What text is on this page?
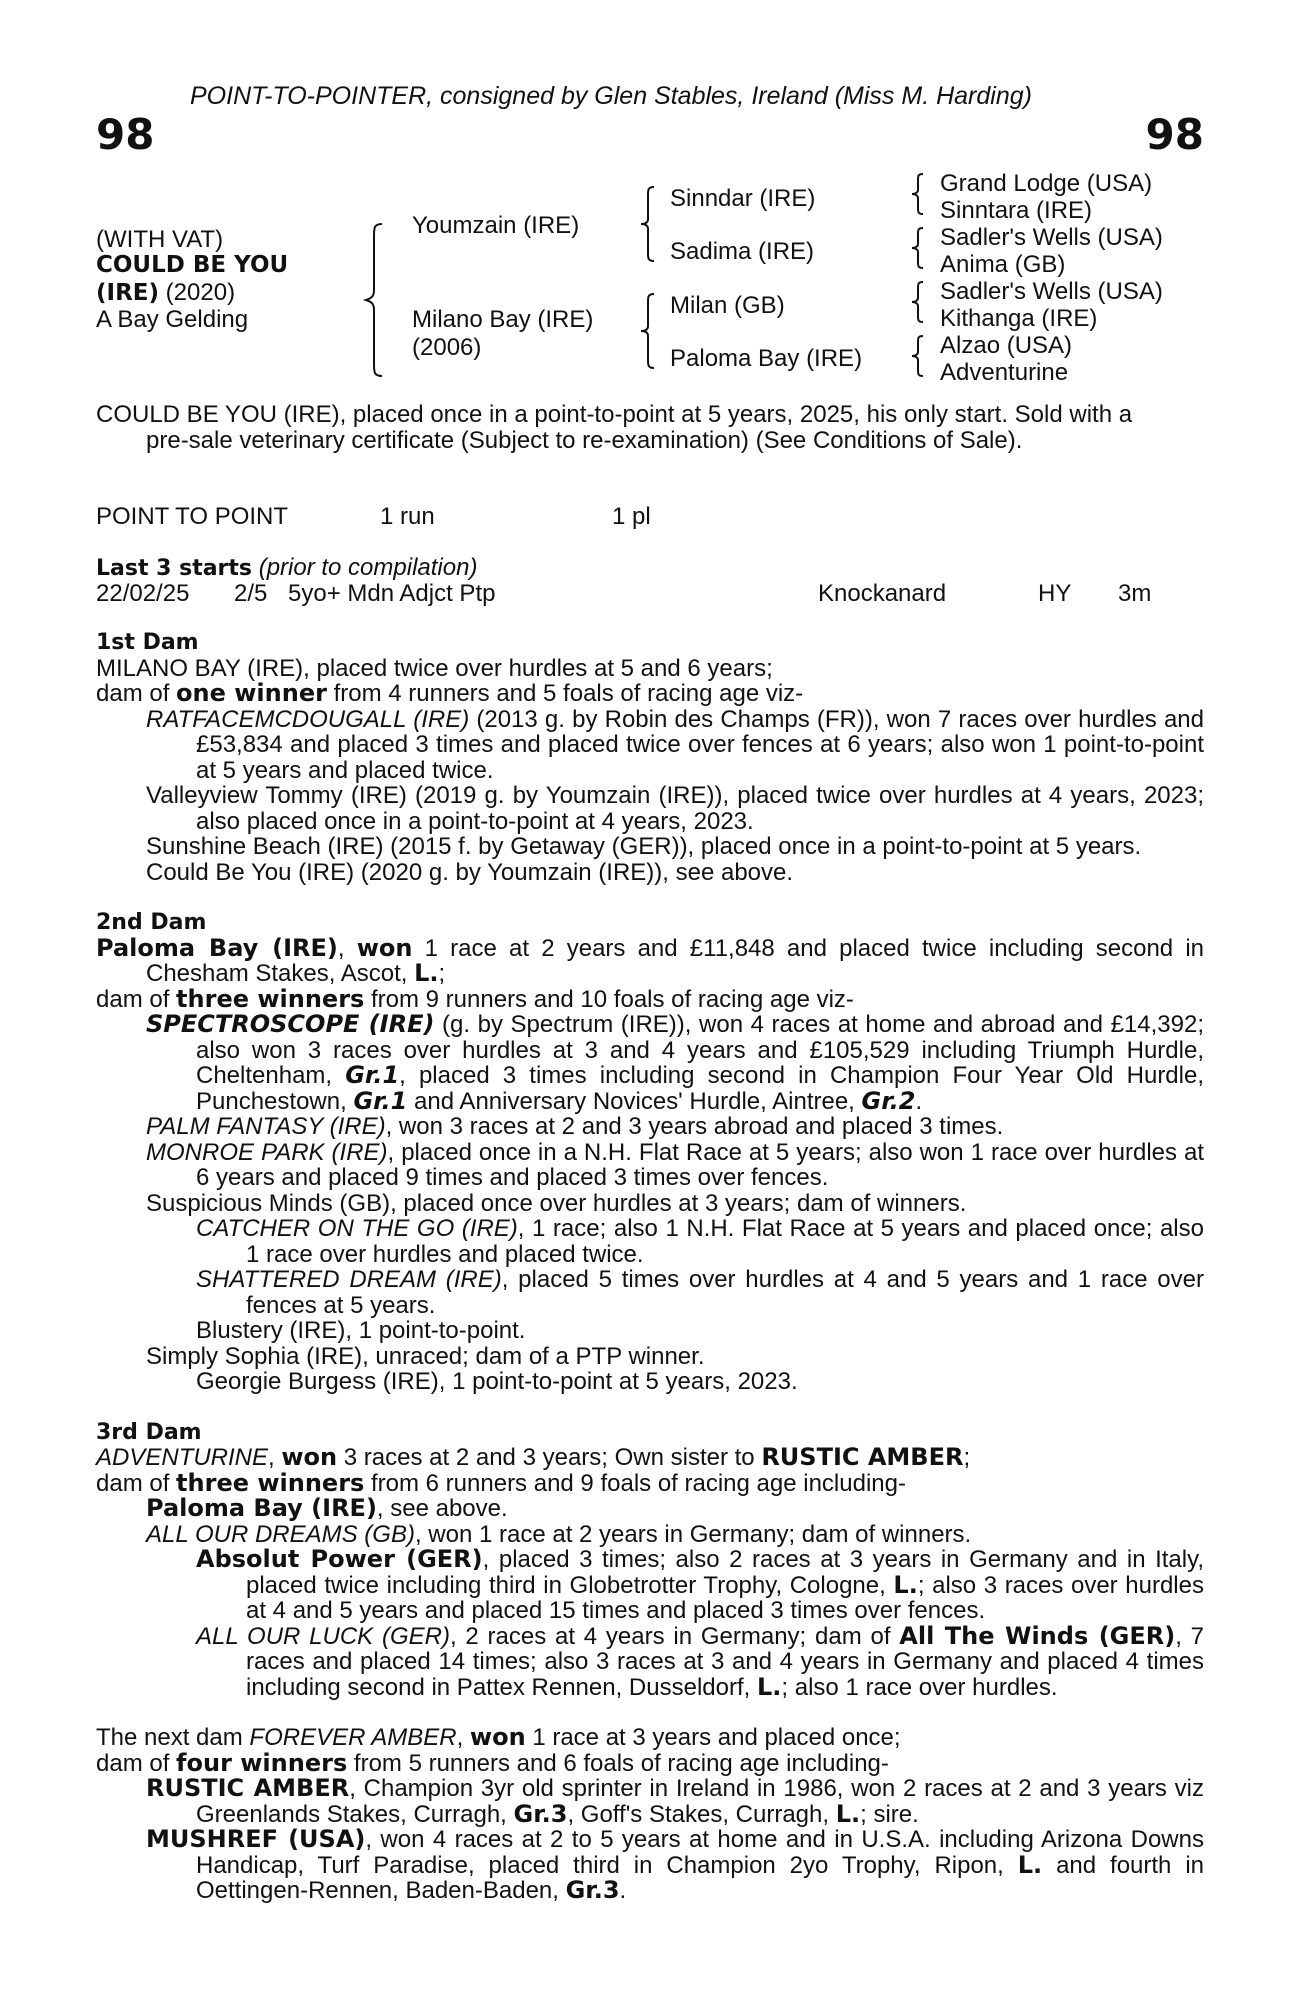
POINT-TO-POINTER, consigned by Glen Stables, Ireland (Miss M. Harding)
98	98
(WITH VAT)
COULD BE YOU
(IRE) (2020)
A Bay Gelding
Youmzain (IRE)
Milano Bay (IRE)
(2006)
Sinndar (IRE)
Sadima (IRE)
Milan (GB)
Paloma Bay (IRE)
Grand Lodge (USA)
Sinntara (IRE)
Sadler's Wells (USA)
Anima (GB)
Sadler's Wells (USA)
Kithanga (IRE)
Alzao (USA)
Adventurine

COULD BE YOU (IRE), placed once in a point-to-point at 5 years, 2025, his only start. Sold with a

pre-sale veterinary certificate (Subject to re-examination) (See Conditions of Sale).

POINT TO POINT	1 run	1 pl
Last 3 starts (prior to compilation)
22/02/25 2/5 5yo+ Mdn Adjct Ptp	Knockanard	HY 3m

1st Dam

MILANO BAY (IRE), placed twice over hurdles at 5 and 6 years;

dam of one winner from 4 runners and 5 foals of racing age viz-

RATFACEMCDOUGALL (IRE) (2013 g. by Robin des Champs (FR)), won 7 races over hurdles and £53,834 and placed 3 times and placed twice over fences at 6 years; also won 1 point-to-point at 5 years and placed twice.

Valleyview Tommy (IRE) (2019 g. by Youmzain (IRE)), placed twice over hurdles at 4 years, 2023; also placed once in a point-to-point at 4 years, 2023.

Sunshine Beach (IRE) (2015 f. by Getaway (GER)), placed once in a point-to-point at 5 years.

Could Be You (IRE) (2020 g. by Youmzain (IRE)), see above.

2nd Dam

Paloma Bay (IRE), won 1 race at 2 years and £11,848 and placed twice including second in Chesham Stakes, Ascot, L.;

dam of three winners from 9 runners and 10 foals of racing age viz-

SPECTROSCOPE (IRE) (g. by Spectrum (IRE)), won 4 races at home and abroad and £14,392; also won 3 races over hurdles at 3 and 4 years and £105,529 including Triumph Hurdle, Cheltenham, Gr.1, placed 3 times including second in Champion Four Year Old Hurdle, Punchestown, Gr.1 and Anniversary Novices' Hurdle, Aintree, Gr.2.

PALM FANTASY (IRE), won 3 races at 2 and 3 years abroad and placed 3 times.

MONROE PARK (IRE), placed once in a N.H. Flat Race at 5 years; also won 1 race over hurdles at 6 years and placed 9 times and placed 3 times over fences.

Suspicious Minds (GB), placed once over hurdles at 3 years; dam of winners.

CATCHER ON THE GO (IRE), 1 race; also 1 N.H. Flat Race at 5 years and placed once; also 1 race over hurdles and placed twice.

SHATTERED DREAM (IRE), placed 5 times over hurdles at 4 and 5 years and 1 race over fences at 5 years.

Blustery (IRE), 1 point-to-point.

Simply Sophia (IRE), unraced; dam of a PTP winner.

Georgie Burgess (IRE), 1 point-to-point at 5 years, 2023.

3rd Dam

ADVENTURINE, won 3 races at 2 and 3 years; Own sister to RUSTIC AMBER;

dam of three winners from 6 runners and 9 foals of racing age including-

Paloma Bay (IRE), see above.

ALL OUR DREAMS (GB), won 1 race at 2 years in Germany; dam of winners.

Absolut Power (GER), placed 3 times; also 2 races at 3 years in Germany and in Italy, placed twice including third in Globetrotter Trophy, Cologne, L.; also 3 races over hurdles at 4 and 5 years and placed 15 times and placed 3 times over fences.

ALL OUR LUCK (GER), 2 races at 4 years in Germany; dam of All The Winds (GER), 7 races and placed 14 times; also 3 races at 3 and 4 years in Germany and placed 4 times including second in Pattex Rennen, Dusseldorf, L.; also 1 race over hurdles.

The next dam FOREVER AMBER, won 1 race at 3 years and placed once;

dam of four winners from 5 runners and 6 foals of racing age including-

RUSTIC AMBER, Champion 3yr old sprinter in Ireland in 1986, won 2 races at 2 and 3 years viz Greenlands Stakes, Curragh, Gr.3, Goff's Stakes, Curragh, L.; sire.

MUSHREF (USA), won 4 races at 2 to 5 years at home and in U.S.A. including Arizona Downs Handicap, Turf Paradise, placed third in Champion 2yo Trophy, Ripon, L. and fourth in Oettingen-Rennen, Baden-Baden, Gr.3.
